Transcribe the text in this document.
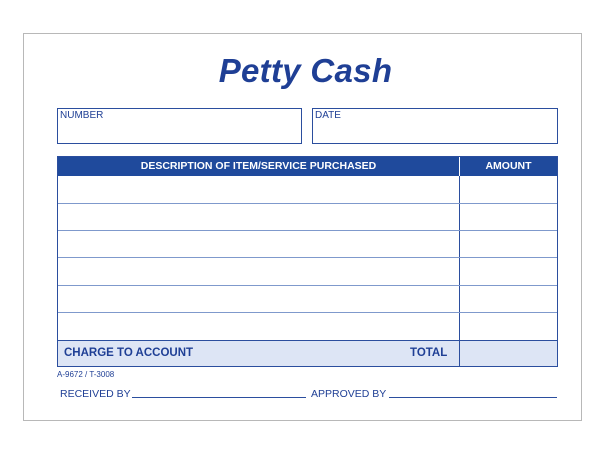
Petty Cash
NUMBER	DATE
DESCRIPTION OF ITEM/SERVICE PURCHASED	AMOUNT
CHARGE TO ACCOUNT	TOTAL
A-9672 / T-3008
RECEIVED BY	APPROVED BY
